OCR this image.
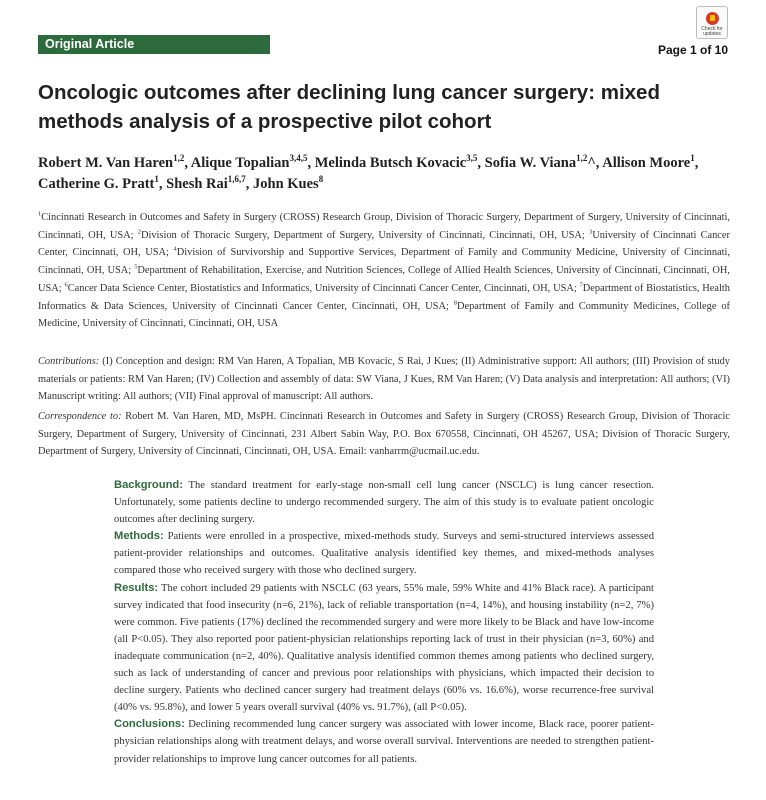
Original Article
Check for updates
Page 1 of 10
Oncologic outcomes after declining lung cancer surgery: mixed methods analysis of a prospective pilot cohort
Robert M. Van Haren$^{1,2}$, Alique Topalian$^{3,4,5}$, Melinda Butsch Kovacic$^{3,5}$, Sofia W. Viana$^{1,2}$^, Allison Moore$^1$, Catherine G. Pratt$^1$, Shesh Rai$^{1,6,7}$, John Kues$^8$
$^1$Cincinnati Research in Outcomes and Safety in Surgery (CROSS) Research Group, Division of Thoracic Surgery, Department of Surgery, University of Cincinnati, Cincinnati, OH, USA; $^2$Division of Thoracic Surgery, Department of Surgery, University of Cincinnati, Cincinnati, OH, USA; $^3$University of Cincinnati Cancer Center, Cincinnati, OH, USA; $^4$Division of Survivorship and Supportive Services, Department of Family and Community Medicine, University of Cincinnati, Cincinnati, OH, USA; $^5$Department of Rehabilitation, Exercise, and Nutrition Sciences, College of Allied Health Sciences, University of Cincinnati, Cincinnati, OH, USA; $^6$Cancer Data Science Center, Biostatistics and Informatics, University of Cincinnati Cancer Center, Cincinnati, OH, USA; $^7$Department of Biostatistics, Health Informatics & Data Sciences, University of Cincinnati Cancer Center, Cincinnati, OH, USA; $^8$Department of Family and Community Medicines, College of Medicine, University of Cincinnati, Cincinnati, OH, USA
Contributions: (I) Conception and design: RM Van Haren, A Topalian, MB Kovacic, S Rai, J Kues; (II) Administrative support: All authors; (III) Provision of study materials or patients: RM Van Haren; (IV) Collection and assembly of data: SW Viana, J Kues, RM Van Haren; (V) Data analysis and interpretation: All authors; (VI) Manuscript writing: All authors; (VII) Final approval of manuscript: All authors.
Correspondence to: Robert M. Van Haren, MD, MsPH. Cincinnati Research in Outcomes and Safety in Surgery (CROSS) Research Group, Division of Thoracic Surgery, Department of Surgery, University of Cincinnati, 231 Albert Sabin Way, P.O. Box 670558, Cincinnati, OH 45267, USA; Division of Thoracic Surgery, Department of Surgery, University of Cincinnati, Cincinnati, OH, USA. Email: vanharrm@ucmail.uc.edu.

Background: The standard treatment for early-stage non-small cell lung cancer (NSCLC) is lung cancer resection. Unfortunately, some patients decline to undergo recommended surgery. The aim of this study is to evaluate patient oncologic outcomes after declining surgery.

Methods: Patients were enrolled in a prospective, mixed-methods study. Surveys and semi-structured interviews assessed patient-provider relationships and outcomes. Qualitative analysis identified key themes, and mixed-methods analyses compared those who received surgery with those who declined surgery.

Results: The cohort included 29 patients with NSCLC (63 years, 55% male, 59% White and 41% Black race). A participant survey indicated that food insecurity (n=6, 21%), lack of reliable transportation (n=4, 14%), and housing instability (n=2, 7%) were common. Five patients (17%) declined the recommended surgery and were more likely to be Black and have low-income (all P<0.05). They also reported poor patient-physician relationships reporting lack of trust in their physician (n=3, 60%) and inadequate communication (n=2, 40%). Qualitative analysis identified common themes among patients who declined surgery, such as lack of understanding of cancer and previous poor relationships with physicians, which impacted their decision to decline surgery. Patients who declined cancer surgery had treatment delays (60% vs. 16.6%), worse recurrence-free survival (40% vs. 95.8%), and lower 5 years overall survival (40% vs. 91.7%), (all P<0.05).

Conclusions: Declining recommended lung cancer surgery was associated with lower income, Black race, poorer patient-physician relationships along with treatment delays, and worse overall survival. Interventions are needed to strengthen patient-provider relationships to improve lung cancer outcomes for all patients.
